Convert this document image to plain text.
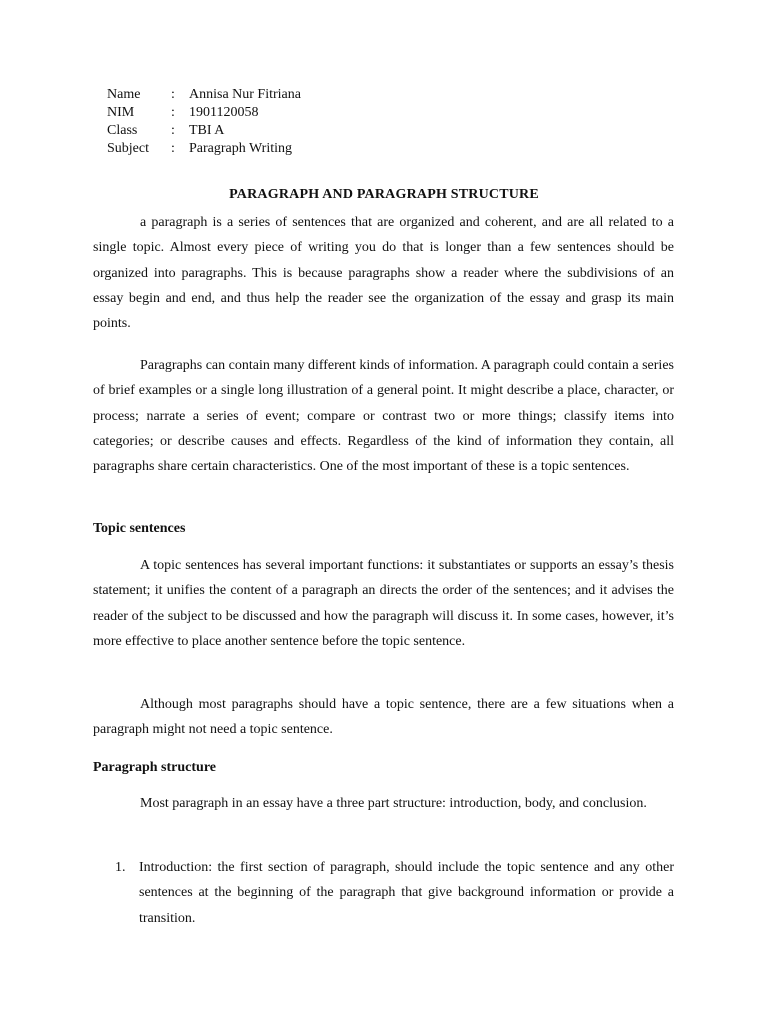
Name	:	Annisa Nur Fitriana
NIM	:	1901120058
Class	:	TBI A
Subject	:	Paragraph Writing
PARAGRAPH AND PARAGRAPH STRUCTURE

a paragraph is a series of sentences that are organized and coherent, and are all related to a single topic. Almost every piece of writing you do that is longer than a few sentences should be organized into paragraphs. This is because paragraphs show a reader where the subdivisions of an essay begin and end, and thus help the reader see the organization of the essay and grasp its main points.

Paragraphs can contain many different kinds of information. A paragraph could contain a series of brief examples or a single long illustration of a general point. It might describe a place, character, or process; narrate a series of event; compare or contrast two or more things; classify items into categories; or describe causes and effects. Regardless of the kind of information they contain, all paragraphs share certain characteristics. One of the most important of these is a topic sentences.

Topic sentences

A topic sentences has several important functions: it substantiates or supports an essay’s thesis statement; it unifies the content of a paragraph an directs the order of the sentences; and it advises the reader of the subject to be discussed and how the paragraph will discuss it. In some cases, however, it’s more effective to place another sentence before the topic sentence.

Although most paragraphs should have a topic sentence, there are a few situations when a paragraph might not need a topic sentence.

Paragraph structure

Most paragraph in an essay have a three part structure: introduction, body, and conclusion.

1. Introduction: the first section of paragraph, should include the topic sentence and any other sentences at the beginning of the paragraph that give background information or provide a transition.
